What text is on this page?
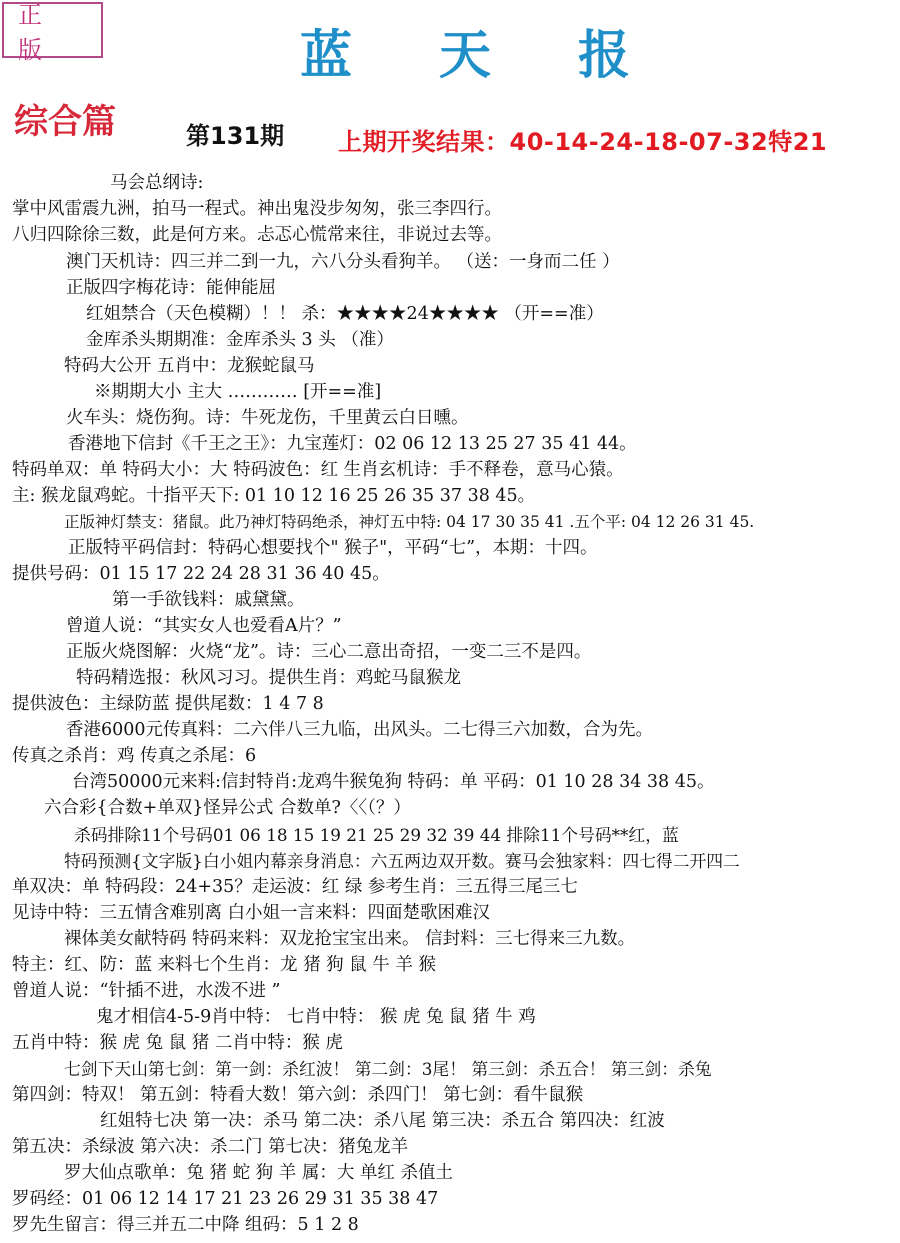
正 版	蓝 天 报
综合篇	第131期 上期开奖结果：40-14-24-18-07-32特21
马会总纲诗:
掌中风雷震九洲，拍马一程式。神出鬼没步匆匆，张三李四行。
八归四除徐三数，此是何方来。忐忑心慌常来往，非说过去等。
澳门天机诗：四三并二到一九，六八分头看狗羊。 （送：一身而二任 ）
正版四字梅花诗：能伸能屈
红姐禁合（天色模糊）！！ 杀：★★★★24★★★★ （开==准）
金库杀头期期准：金库杀头 3 头 （准）
特码大公开 五肖中：龙猴蛇鼠马
※期期大小 主大 ………… [开==准]
火车头：烧伤狗。诗：牛死龙伤，千里黄云白日曛。
香港地下信封《千王之王》：九宝莲灯：02 06 12 13 25 27 35 41 44。
特码单双：单 特码大小：大 特码波色：红 生肖玄机诗：手不释卷，意马心猿。
主: 猴龙鼠鸡蛇。十指平天下: 01 10 12 16 25 26 35 37 38 45。
正版神灯禁支：猪鼠。此乃神灯特码绝杀，神灯五中特: 04 17 30 35 41 .五个平: 04 12 26 31 45.
正版特平码信封：特码心想要找个" 猴子"，平码“七”，本期：十四。
提供号码：01 15 17 22 24 28 31 36 40 45。
第一手欲钱料：戚黛黛。
曾道人说：“其实女人也爱看A片？”
正版火烧图解：火烧“龙”。诗：三心二意出奇招，一变二三不是四。
特码精选报：秋风习习。提供生肖：鸡蛇马鼠猴龙
提供波色：主绿防蓝 提供尾数：1 4 7 8
香港6000元传真料：二六伴八三九临，出风头。二七得三六加数，合为先。
传真之杀肖：鸡 传真之杀尾：6
台湾50000元来料:信封特肖:龙鸡牛猴兔狗 特码：单 平码：01 10 28 34 38 45。
六合彩{合数+单双}怪异公式 合数单?〈〈（？）
杀码排除11个号码01 06 18 15 19 21 25 29 32 39 44 排除11个号码**红，蓝
特码预测{文字版}白小姐内幕亲身消息：六五两边双开数。赛马会独家料：四七得二开四二
单双决：单 特码段：24+35？走运波：红 绿 参考生肖：三五得三尾三七
见诗中特：三五情含难别离 白小姐一言来料：四面楚歌困难汉
裸体美女献特码 特码来料：双龙抢宝宝出来。 信封料：三七得来三九数。
特主：红、防：蓝 来料七个生肖：龙 猪 狗 鼠 牛 羊 猴
曾道人说：“针插不进，水泼不进 ”
鬼才相信4-5-9肖中特： 七肖中特： 猴 虎 兔 鼠 猪 牛 鸡
五肖中特：猴 虎 兔 鼠 猪 二肖中特：猴 虎
七剑下天山第七剑：第一剑：杀红波！ 第二剑：3尾！ 第三剑：杀五合！ 第三剑：杀兔
第四剑：特双！ 第五剑：特看大数！第六剑：杀四门！ 第七剑：看牛鼠猴
红姐特七决 第一决：杀马 第二决：杀八尾 第三决：杀五合 第四决：红波
第五决：杀绿波 第六决：杀二门 第七决：猪兔龙羊
罗大仙点歌单：兔 猪 蛇 狗 羊 属：大 单红 杀值土
罗码经：01 06 12 14 17 21 23 26 29 31 35 38 47
罗先生留言：得三并五二中降 组码：5 1 2 8
